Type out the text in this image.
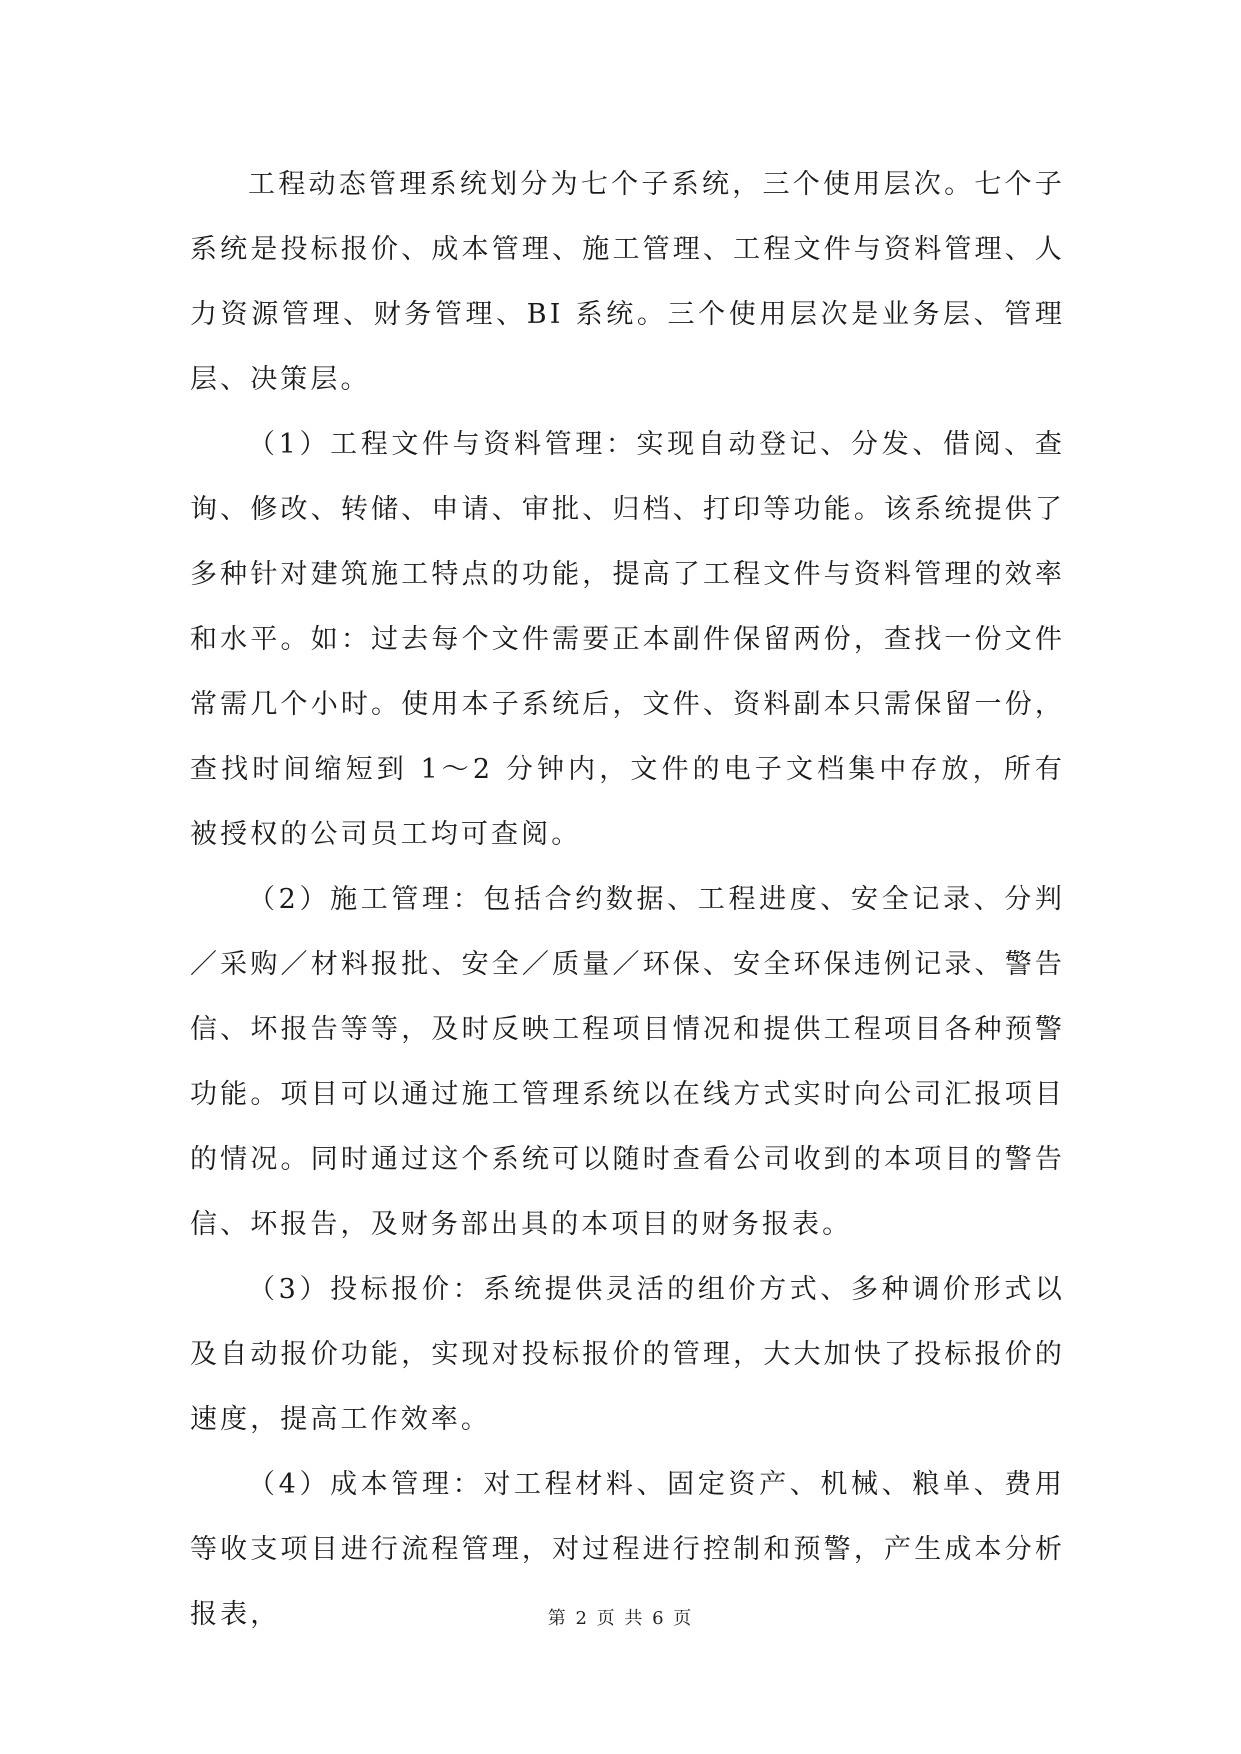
工程动态管理系统划分为七个子系统，三个使用层次。七个子系统是投标报价、成本管理、施工管理、工程文件与资料管理、人力资源管理、财务管理、BI 系统。三个使用层次是业务层、管理层、决策层。

（1）工程文件与资料管理：实现自动登记、分发、借阅、查询、修改、转储、申请、审批、归档、打印等功能。该系统提供了多种针对建筑施工特点的功能，提高了工程文件与资料管理的效率和水平。如：过去每个文件需要正本副件保留两份，查找一份文件常需几个小时。使用本子系统后，文件、资料副本只需保留一份，查找时间缩短到 1～2 分钟内，文件的电子文档集中存放，所有被授权的公司员工均可查阅。

（2）施工管理：包括合约数据、工程进度、安全记录、分判／采购／材料报批、安全／质量／环保、安全环保违例记录、警告信、坏报告等等，及时反映工程项目情况和提供工程项目各种预警功能。项目可以通过施工管理系统以在线方式实时向公司汇报项目的情况。同时通过这个系统可以随时查看公司收到的本项目的警告信、坏报告，及财务部出具的本项目的财务报表。

（3）投标报价：系统提供灵活的组价方式、多种调价形式以及自动报价功能，实现对投标报价的管理，大大加快了投标报价的速度，提高工作效率。

（4）成本管理：对工程材料、固定资产、机械、粮单、费用等收支项目进行流程管理，对过程进行控制和预警，产生成本分析报表，	第 2 页 共 6 页
